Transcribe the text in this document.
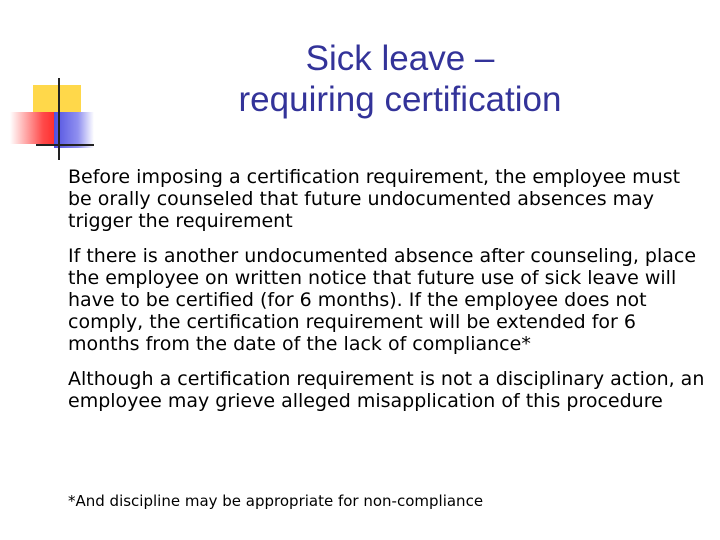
Sick leave –
requiring certification
Before imposing a certification requirement, the employee must be orally counseled that future undocumented absences may trigger the requirement
If there is another undocumented absence after counseling, place the employee on written notice that future use of sick leave will have to be certified (for 6 months). If the employee does not comply, the certification requirement will be extended for 6 months from the date of the lack of compliance*
Although a certification requirement is not a disciplinary action, an employee may grieve alleged misapplication of this procedure
*And discipline may be appropriate for non-compliance
